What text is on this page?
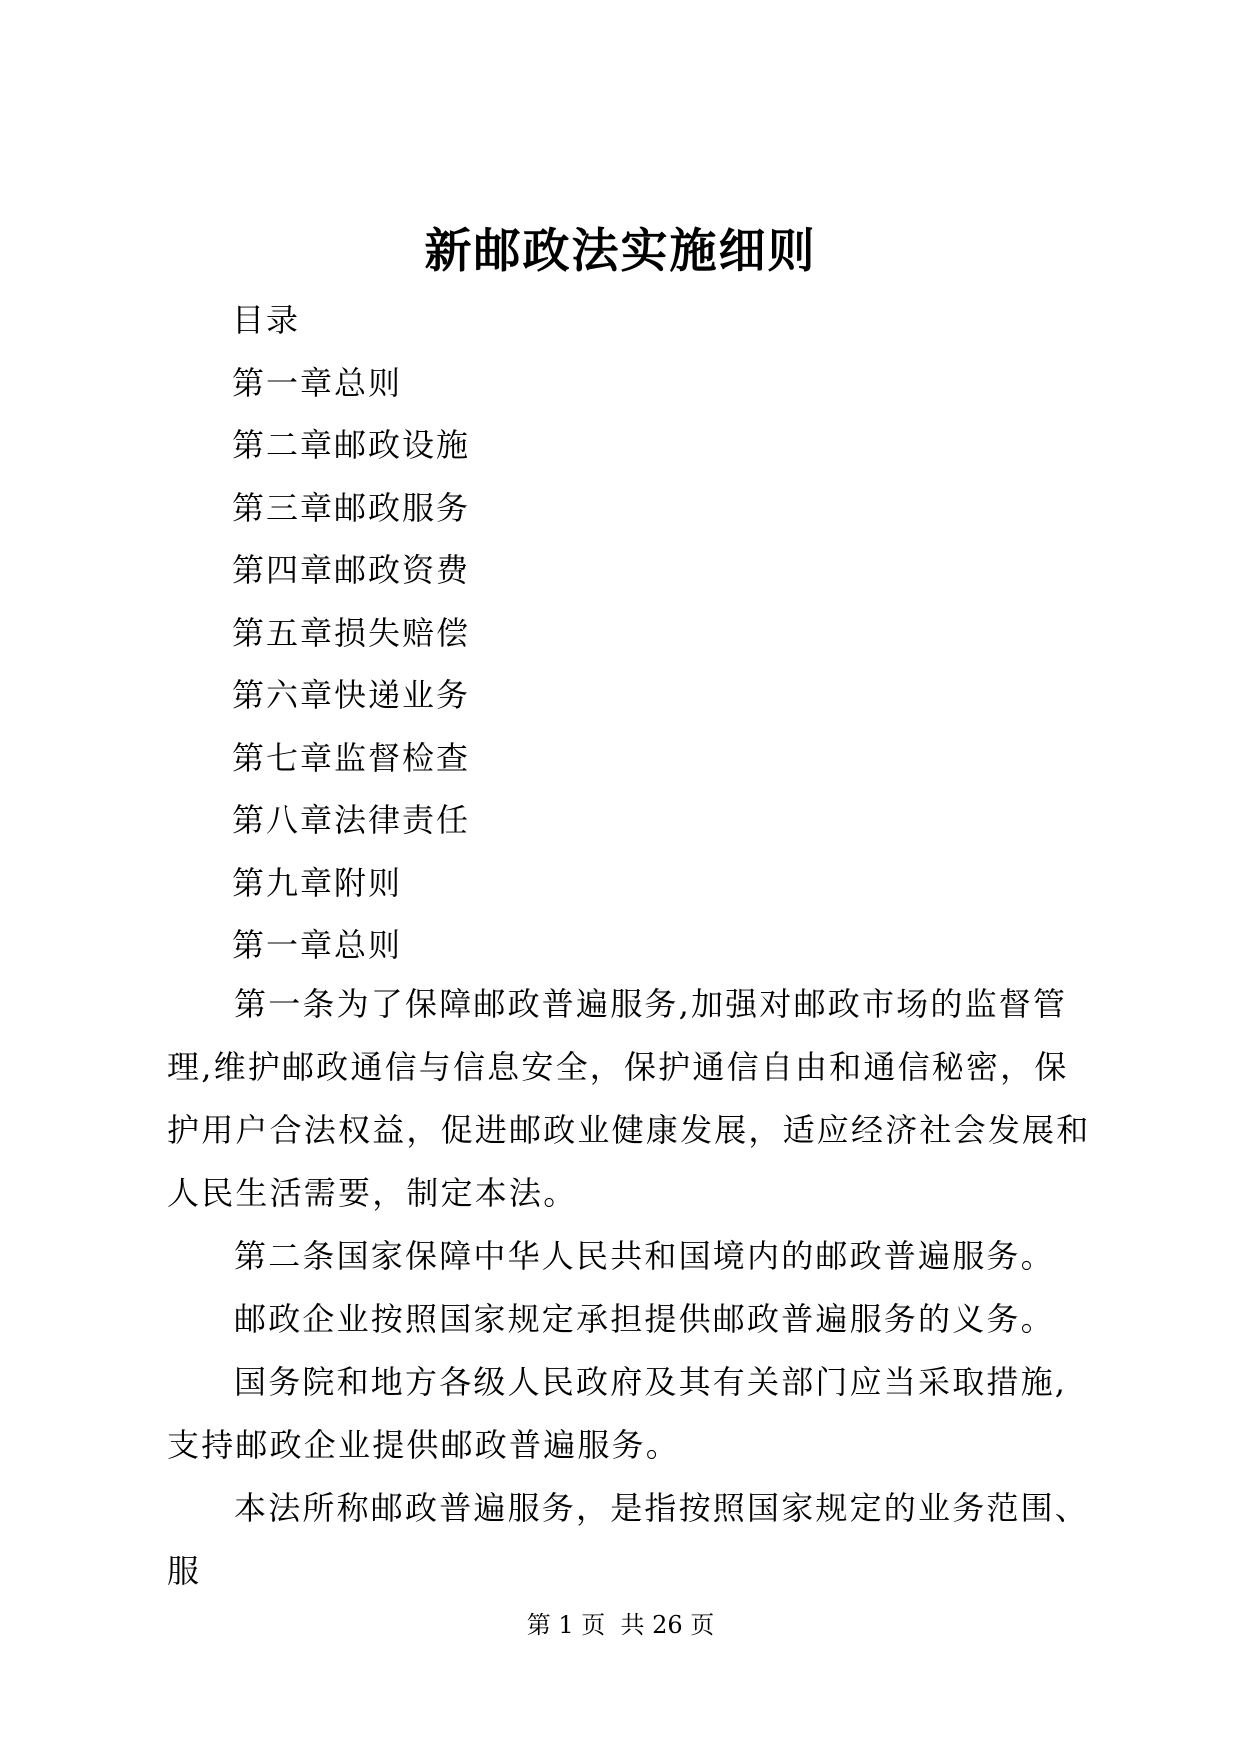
新邮政法实施细则
目录
第一章总则
第二章邮政设施
第三章邮政服务
第四章邮政资费
第五章损失赔偿
第六章快递业务
第七章监督检查
第八章法律责任
第九章附则
第一章总则

第一条为了保障邮政普遍服务,加强对邮政市场的监督管理,维护邮政通信与信息安全，保护通信自由和通信秘密，保护用户合法权益，促进邮政业健康发展，适应经济社会发展和人民生活需要，制定本法。

第二条国家保障中华人民共和国境内的邮政普遍服务。

邮政企业按照国家规定承担提供邮政普遍服务的义务。

国务院和地方各级人民政府及其有关部门应当采取措施,支持邮政企业提供邮政普遍服务。

本法所称邮政普遍服务，是指按照国家规定的业务范围、服

第 1 页  共 26 页
